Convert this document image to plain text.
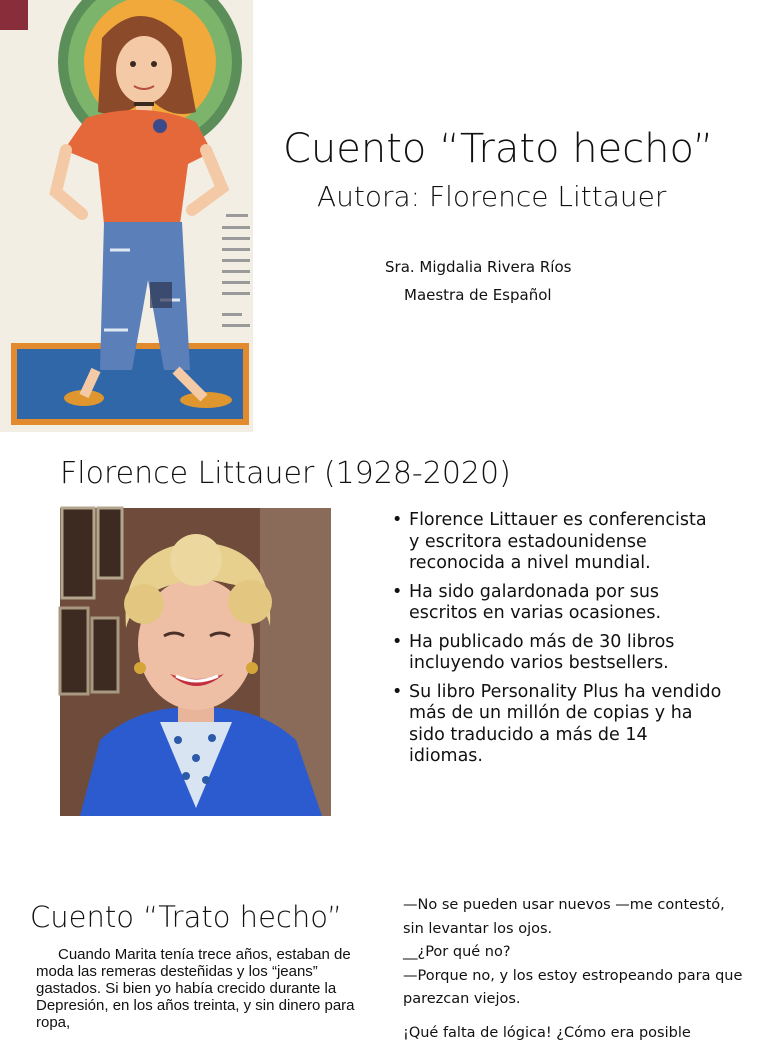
Cuento “Trato hecho”
Autora: Florence Littauer
Sra. Migdalia Rivera Ríos
Maestra de Español
Florence Littauer (1928-2020)
• Florence Littauer es conferencista y escritora estadounidense reconocida a nivel mundial.
• Ha sido galardonada por sus escritos en varias ocasiones.
• Ha publicado más de 30 libros incluyendo varios bestsellers.
• Su libro Personality Plus ha vendido más de un millón de copias y ha sido traducido a más de 14 idiomas.
Cuento “Trato hecho”

Cuando Marita tenía trece años, estaban de moda las remeras desteñidas y los “jeans” gastados. Si bien yo había crecido durante la Depresión, en los años treinta, y sin dinero para ropa,

—No se pueden usar nuevos —me contestó, sin levantar los ojos.

__¿Por qué no?

—Porque no, y los estoy estropeando para que parezcan viejos.

¡Qué falta de lógica! ¿Cómo era posible
